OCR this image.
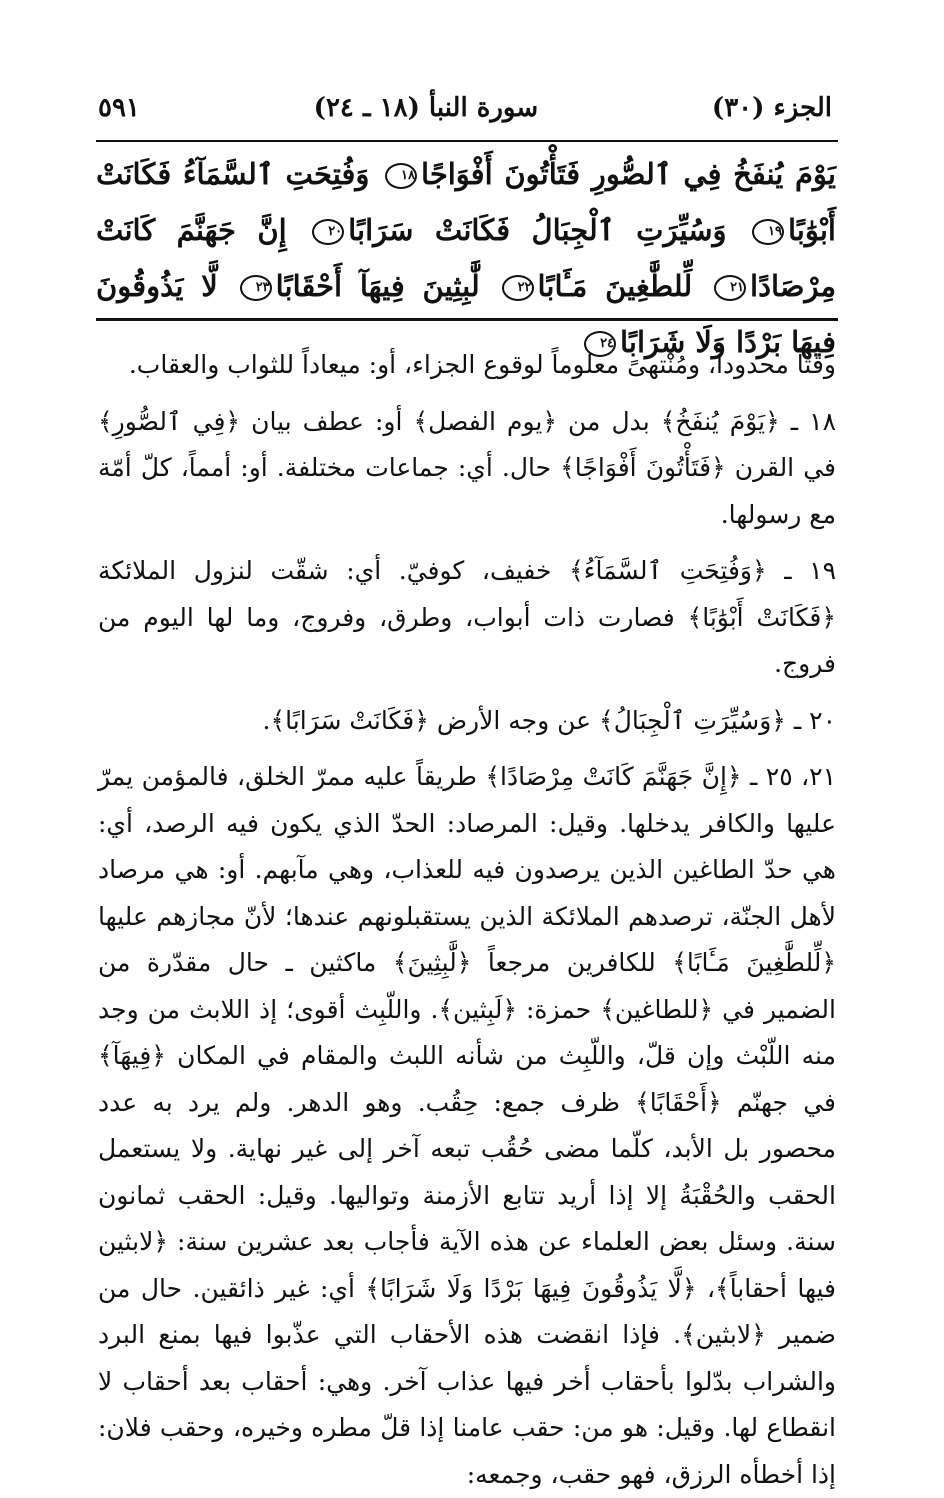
الجزء (٣٠)
سورة النبأ (١٨ ـ ٢٤)
٥٩١
يَوْمَ يُنفَخُ فِي ٱلصُّورِ فَتَأْتُونَ أَفْوَاجًا١٨ وَفُتِحَتِ ٱلسَّمَآءُ فَكَانَتْ أَبْوَٰبًا١٩ وَسُيِّرَتِ ٱلْجِبَالُ فَكَانَتْ سَرَابًا٢٠ إِنَّ جَهَنَّمَ كَانَتْ مِرْصَادًا٢١ لِّلطَّٰغِينَ مَـَٔابًا٢٢ لَّٰبِثِينَ فِيهَآ أَحْقَابًا٢٣ لَّا يَذُوقُونَ فِيهَا بَرْدًا وَلَا شَرَابًا٢٤

وقتاً محدوداً، ومُنْتهىً معلوماً لوقوع الجزاء، أو: ميعاداً للثواب والعقاب.

١٨ ـ ﴿يَوْمَ يُنفَخُ﴾ بدل من ﴿يوم الفصل﴾ أو: عطف بيان ﴿فِي ٱلصُّورِ﴾ في القرن ﴿فَتَأْتُونَ أَفْوَاجًا﴾ حال. أي: جماعات مختلفة. أو: أمماً، كلّ أمّة مع رسولها.

١٩ ـ ﴿وَفُتِحَتِ ٱلسَّمَآءُ﴾ خفيف، كوفيّ. أي: شقّت لنزول الملائكة ﴿فَكَانَتْ أَبْوَٰبًا﴾ فصارت ذات أبواب، وطرق، وفروج، وما لها اليوم من فروج.

٢٠ ـ ﴿وَسُيِّرَتِ ٱلْجِبَالُ﴾ عن وجه الأرض ﴿فَكَانَتْ سَرَابًا﴾.

٢١، ٢٥ ـ ﴿إِنَّ جَهَنَّمَ كَانَتْ مِرْصَادًا﴾ طريقاً عليه ممرّ الخلق، فالمؤمن يمرّ عليها والكافر يدخلها. وقيل: المرصاد: الحدّ الذي يكون فيه الرصد، أي: هي حدّ الطاغين الذين يرصدون فيه للعذاب، وهي مآبهم. أو: هي مرصاد لأهل الجنّة، ترصدهم الملائكة الذين يستقبلونهم عندها؛ لأنّ مجازهم عليها ﴿لِّلطَّٰغِينَ مَـَٔابًا﴾ للكافرين مرجعاً ﴿لَّٰبِثِينَ﴾ ماكثين ـ حال مقدّرة من الضمير في ﴿للطاغين﴾ حمزة: ﴿لَبِثين﴾. واللّبِث أقوى؛ إذ اللابث من وجد منه اللّبْث وإن قلّ، واللّبِث من شأنه اللبث والمقام في المكان ﴿فِيهَآ﴾ في جهنّم ﴿أَحْقَابًا﴾ ظرف جمع: حِقُب. وهو الدهر. ولم يرد به عدد محصور بل الأبد، كلّما مضى حُقُب تبعه آخر إلى غير نهاية. ولا يستعمل الحقب والحُقْبَةُ إلا إذا أريد تتابع الأزمنة وتواليها. وقيل: الحقب ثمانون سنة. وسئل بعض العلماء عن هذه الآية فأجاب بعد عشرين سنة: ﴿لابثين فيها أحقاباً﴾، ﴿لَّا يَذُوقُونَ فِيهَا بَرْدًا وَلَا شَرَابًا﴾ أي: غير ذائقين. حال من ضمير ﴿لابثين﴾. فإذا انقضت هذه الأحقاب التي عذّبوا فيها بمنع البرد والشراب بدّلوا بأحقاب أخر فيها عذاب آخر. وهي: أحقاب بعد أحقاب لا انقطاع لها. وقيل: هو من: حقب عامنا إذا قلّ مطره وخيره، وحقب فلان: إذا أخطأه الرزق، فهو حقب، وجمعه:
